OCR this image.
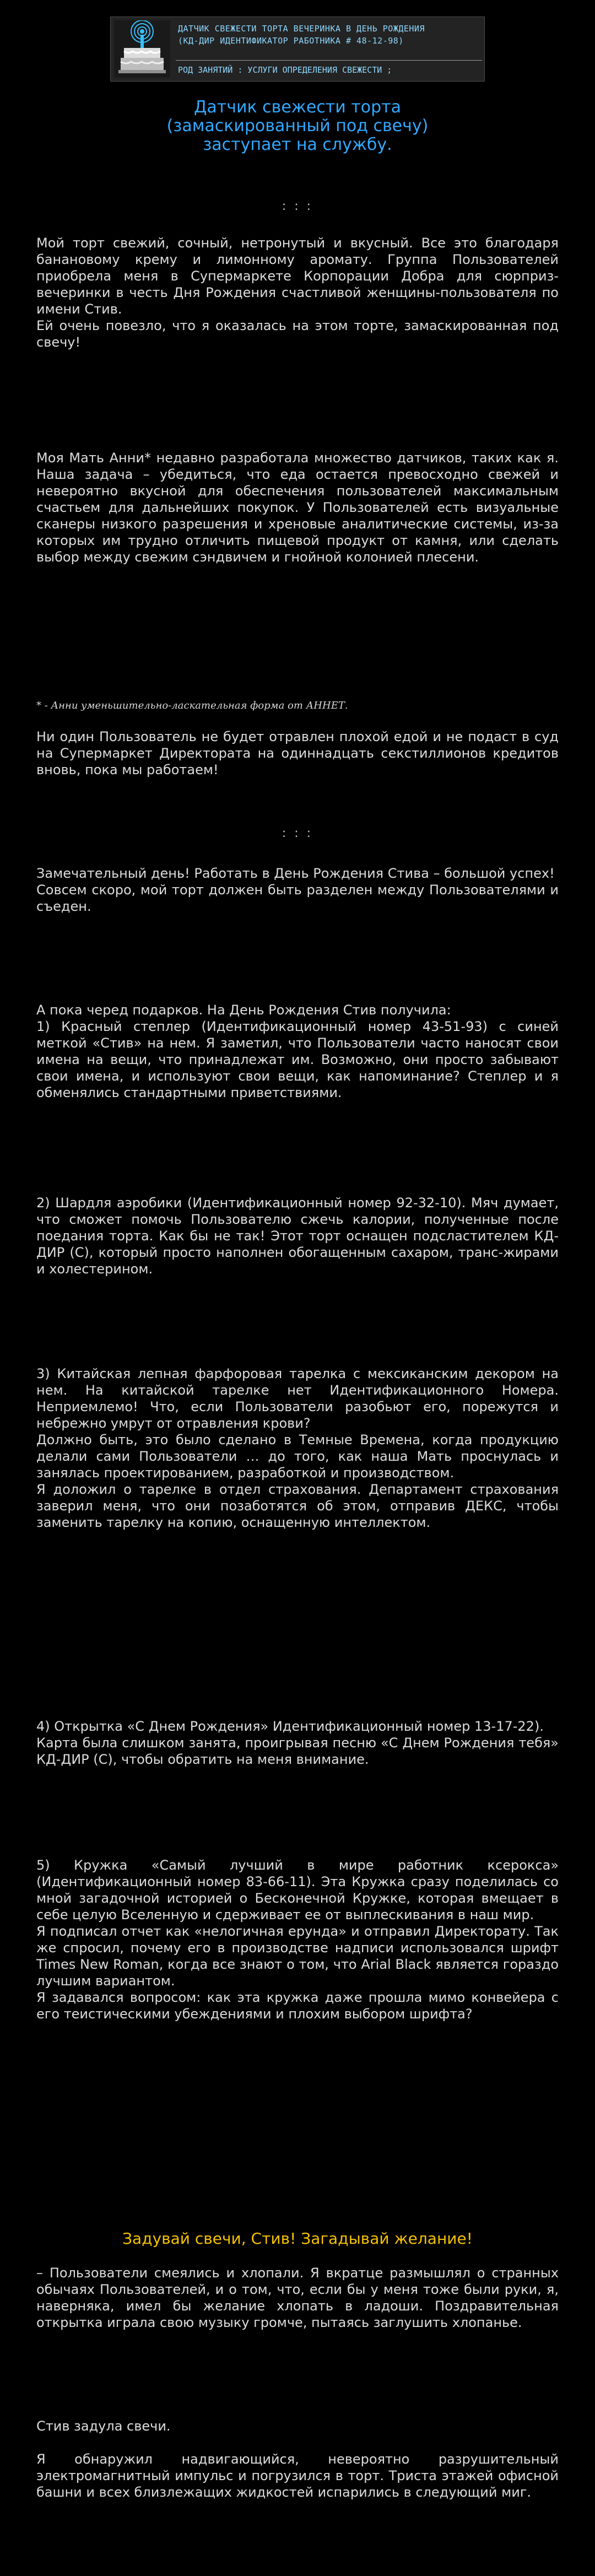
ДАТЧИК СВЕЖЕСТИ ТОРТА ВЕЧЕРИНКА В ДЕНЬ РОЖДЕНИЯ
(КД-ДИР ИДЕНТИФИКАТОР РАБОТНИКА # 48-12-98)
РОД ЗАНЯТИЙ : УСЛУГИ ОПРЕДЕЛЕНИЯ СВЕЖЕСТИ ;
Датчик свежести торта
(замаскированный под свечу)
заступает на службу.
: : :

Мой торт свежий, сочный, нетронутый и вкусный. Все это благодаря банановому крему и лимонному аромату. Группа Пользователей приобрела меня в Супермаркете Корпорации Добра для сюрприз-вечеринки в честь Дня Рождения счастливой женщины-пользователя по имени Стив.

Ей очень повезло, что я оказалась на этом торте, замаскированная под свечу!

Моя Мать Анни* недавно разработала множество датчиков, таких как я. Наша задача – убедиться, что еда остается превосходно свежей и невероятно вкусной для обеспечения пользователей максимальным счастьем для дальнейших покупок. У Пользователей есть визуальные сканеры низкого разрешения и хреновые аналитические системы, из-за которых им трудно отличить пищевой продукт от камня, или сделать выбор между свежим сэндвичем и гнойной колонией плесени.

* - Анни уменьшительно-ласкательная форма от АННЕТ.

Ни один Пользователь не будет отравлен плохой едой и не подаст в суд на Супермаркет Директората на одиннадцать секстиллионов кредитов вновь, пока мы работаем!

: : :

Замечательный день! Работать в День Рождения Стива – большой успех!

Совсем скоро, мой торт должен быть разделен между Пользователями и съеден.

А пока черед подарков. На День Рождения Стив получила:

1) Красный степлер (Идентификационный номер 43-51-93) с синей меткой «Стив» на нем. Я заметил, что Пользователи часто наносят свои имена на вещи, что принадлежат им. Возможно, они просто забывают свои имена, и используют свои вещи, как напоминание? Степлер и я обменялись стандартными приветствиями.

2) Шардля аэробики (Идентификационный номер 92-32-10). Мяч думает, что сможет помочь Пользователю сжечь калории, полученные после поедания торта. Как бы не так! Этот торт оснащен подсластителем КД-ДИР (С), который просто наполнен обогащенным сахаром, транс-жирами и холестерином.

3) Китайская лепная фарфоровая тарелка с мексиканским декором на нем. На китайской тарелке нет Идентификационного Номера. Неприемлемо! Что, если Пользователи разобьют его, порежутся и небрежно умрут от отравления крови?

Должно быть, это было сделано в Темные Времена, когда продукцию делали сами Пользователи … до того, как наша Мать проснулась и занялась проектированием, разработкой и производством.

Я доложил о тарелке в отдел страхования. Департамент страхования заверил меня, что они позаботятся об этом, отправив ДЕКС, чтобы заменить тарелку на копию, оснащенную интеллектом.

4) Открытка «С Днем Рождения» Идентификационный номер 13-17-22).

Карта была слишком занята, проигрывая песню «С Днем Рождения тебя» КД-ДИР (С), чтобы обратить на меня внимание.

5) Кружка «Самый лучший в мире работник ксерокса» (Идентификационный номер 83-66-11). Эта Кружка сразу поделилась со мной загадочной историей о Бесконечной Кружке, которая вмещает в себе целую Вселенную и сдерживает ее от выплескивания в наш мир.

Я подписал отчет как «нелогичная ерунда» и отправил Директорату. Так же спросил, почему его в производстве надписи использовался шрифт Times New Roman, когда все знают о том, что Arial Black является гораздо лучшим вариантом.

Я задавался вопросом: как эта кружка даже прошла мимо конвейера с его теистическими убеждениями и плохим выбором шрифта?

Задувай свечи, Стив! Загадывай желание!

– Пользователи смеялись и хлопали. Я вкратце размышлял о странных обычаях Пользователей, и о том, что, если бы у меня тоже были руки, я, наверняка, имел бы желание хлопать в ладоши. Поздравительная открытка играла свою музыку громче, пытаясь заглушить хлопанье.

Стив задула свечи.

Я обнаружил надвигающийся, невероятно разрушительный электромагнитный импульс и погрузился в торт. Триста этажей офисной башни и всех близлежащих жидкостей испарились в следующий миг.
